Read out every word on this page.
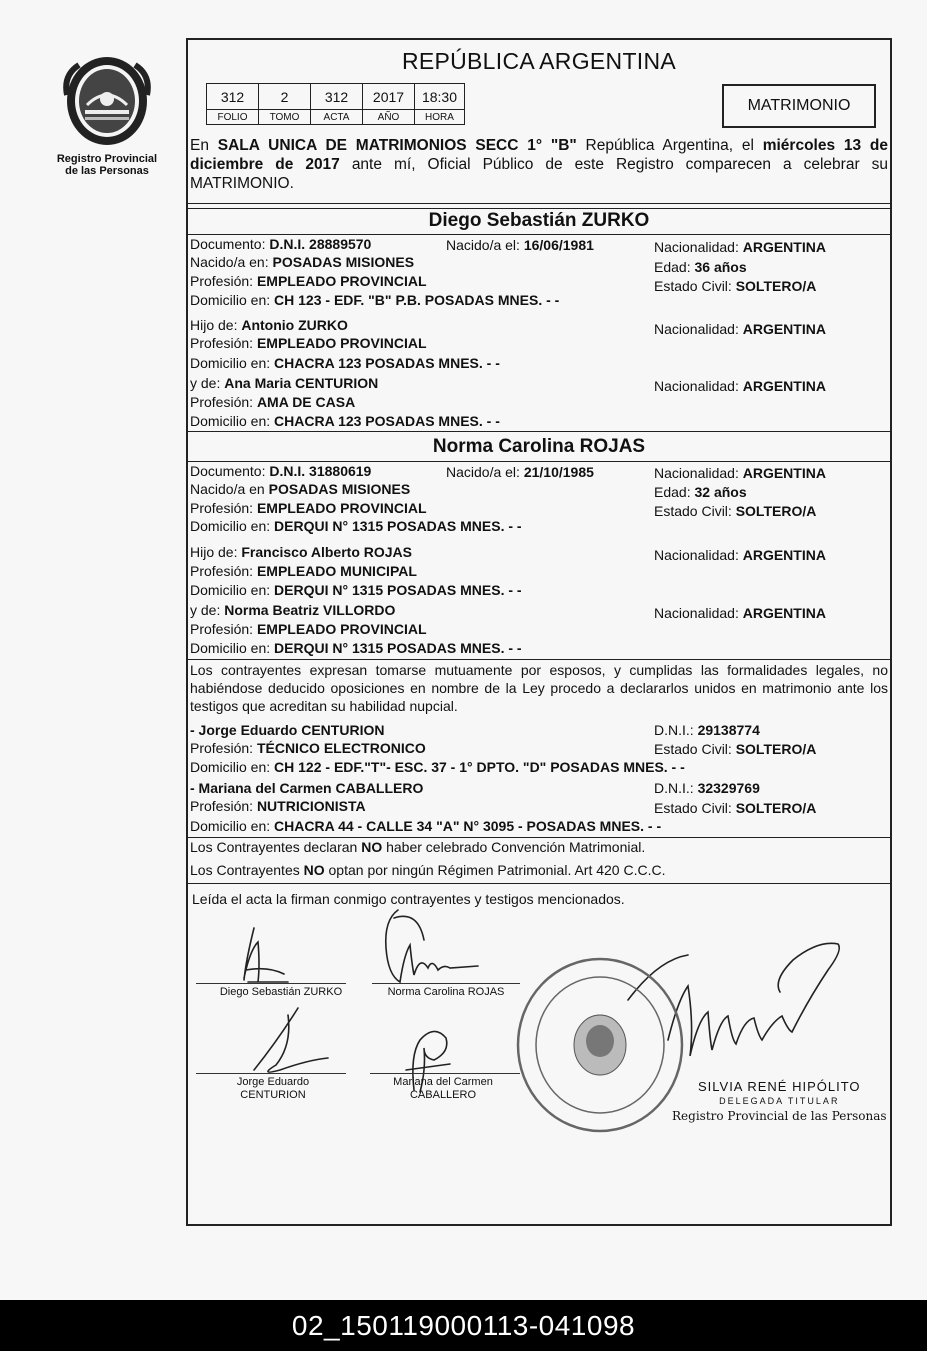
Registro Provincial
de las Personas
REPÚBLICA ARGENTINA
312	2	312	2017	18:30
FOLIO	TOMO	ACTA	AÑO	HORA
MATRIMONIO
En SALA UNICA DE MATRIMONIOS SECC 1° "B" República Argentina, el miércoles 13 de diciembre de 2017 ante mí, Oficial Público de este Registro comparecen a celebrar su MATRIMONIO.
Diego Sebastián ZURKO
Documento: D.N.I. 28889570	Nacido/a el: 16/06/1981	Nacionalidad: ARGENTINA
Nacido/a en: POSADAS MISIONES	Edad: 36 años
Profesión: EMPLEADO PROVINCIAL	Estado Civil: SOLTERO/A
Domicilio en: CH 123 - EDF. "B" P.B. POSADAS MNES. - -
Hijo de: Antonio ZURKO	Nacionalidad: ARGENTINA
Profesión: EMPLEADO PROVINCIAL
Domicilio en: CHACRA 123 POSADAS MNES. - -
y de: Ana Maria CENTURION	Nacionalidad: ARGENTINA
Profesión: AMA DE CASA
Domicilio en: CHACRA 123 POSADAS MNES. - -
Norma Carolina ROJAS
Documento: D.N.I. 31880619	Nacido/a el: 21/10/1985	Nacionalidad: ARGENTINA
Nacido/a en POSADAS MISIONES	Edad: 32 años
Profesión: EMPLEADO PROVINCIAL	Estado Civil: SOLTERO/A
Domicilio en: DERQUI N° 1315 POSADAS MNES. - -
Hijo de: Francisco Alberto ROJAS	Nacionalidad: ARGENTINA
Profesión: EMPLEADO MUNICIPAL
Domicilio en: DERQUI N° 1315 POSADAS MNES. - -
y de: Norma Beatriz VILLORDO	Nacionalidad: ARGENTINA
Profesión: EMPLEADO PROVINCIAL
Domicilio en: DERQUI N° 1315 POSADAS MNES. - -
Los contrayentes expresan tomarse mutuamente por esposos, y cumplidas las formalidades legales, no habiéndose deducido oposiciones en nombre de la Ley procedo a declararlos unidos en matrimonio ante los testigos que acreditan su habilidad nupcial.
- Jorge Eduardo CENTURION	D.N.I.: 29138774
Profesión: TÉCNICO ELECTRONICO	Estado Civil: SOLTERO/A
Domicilio en: CH 122 - EDF."T"- ESC. 37 - 1° DPTO. "D" POSADAS MNES. - -
- Mariana del Carmen CABALLERO	D.N.I.: 32329769
Profesión: NUTRICIONISTA	Estado Civil: SOLTERO/A
Domicilio en: CHACRA 44 - CALLE 34 "A" N° 3095 - POSADAS MNES. - -
Los Contrayentes declaran NO haber celebrado Convención Matrimonial.
Los Contrayentes NO optan por ningún Régimen Patrimonial. Art 420 C.C.C.
Leída el acta la firman conmigo contrayentes y testigos mencionados.
Diego Sebastián ZURKO	Norma Carolina ROJAS
Jorge Eduardo
CENTURION
Mariana del Carmen
CABALLERO
SILVIA RENÉ HIPÓLITO
DELEGADA TITULAR
Registro Provincial de las Personas
02_150119000113-041098
